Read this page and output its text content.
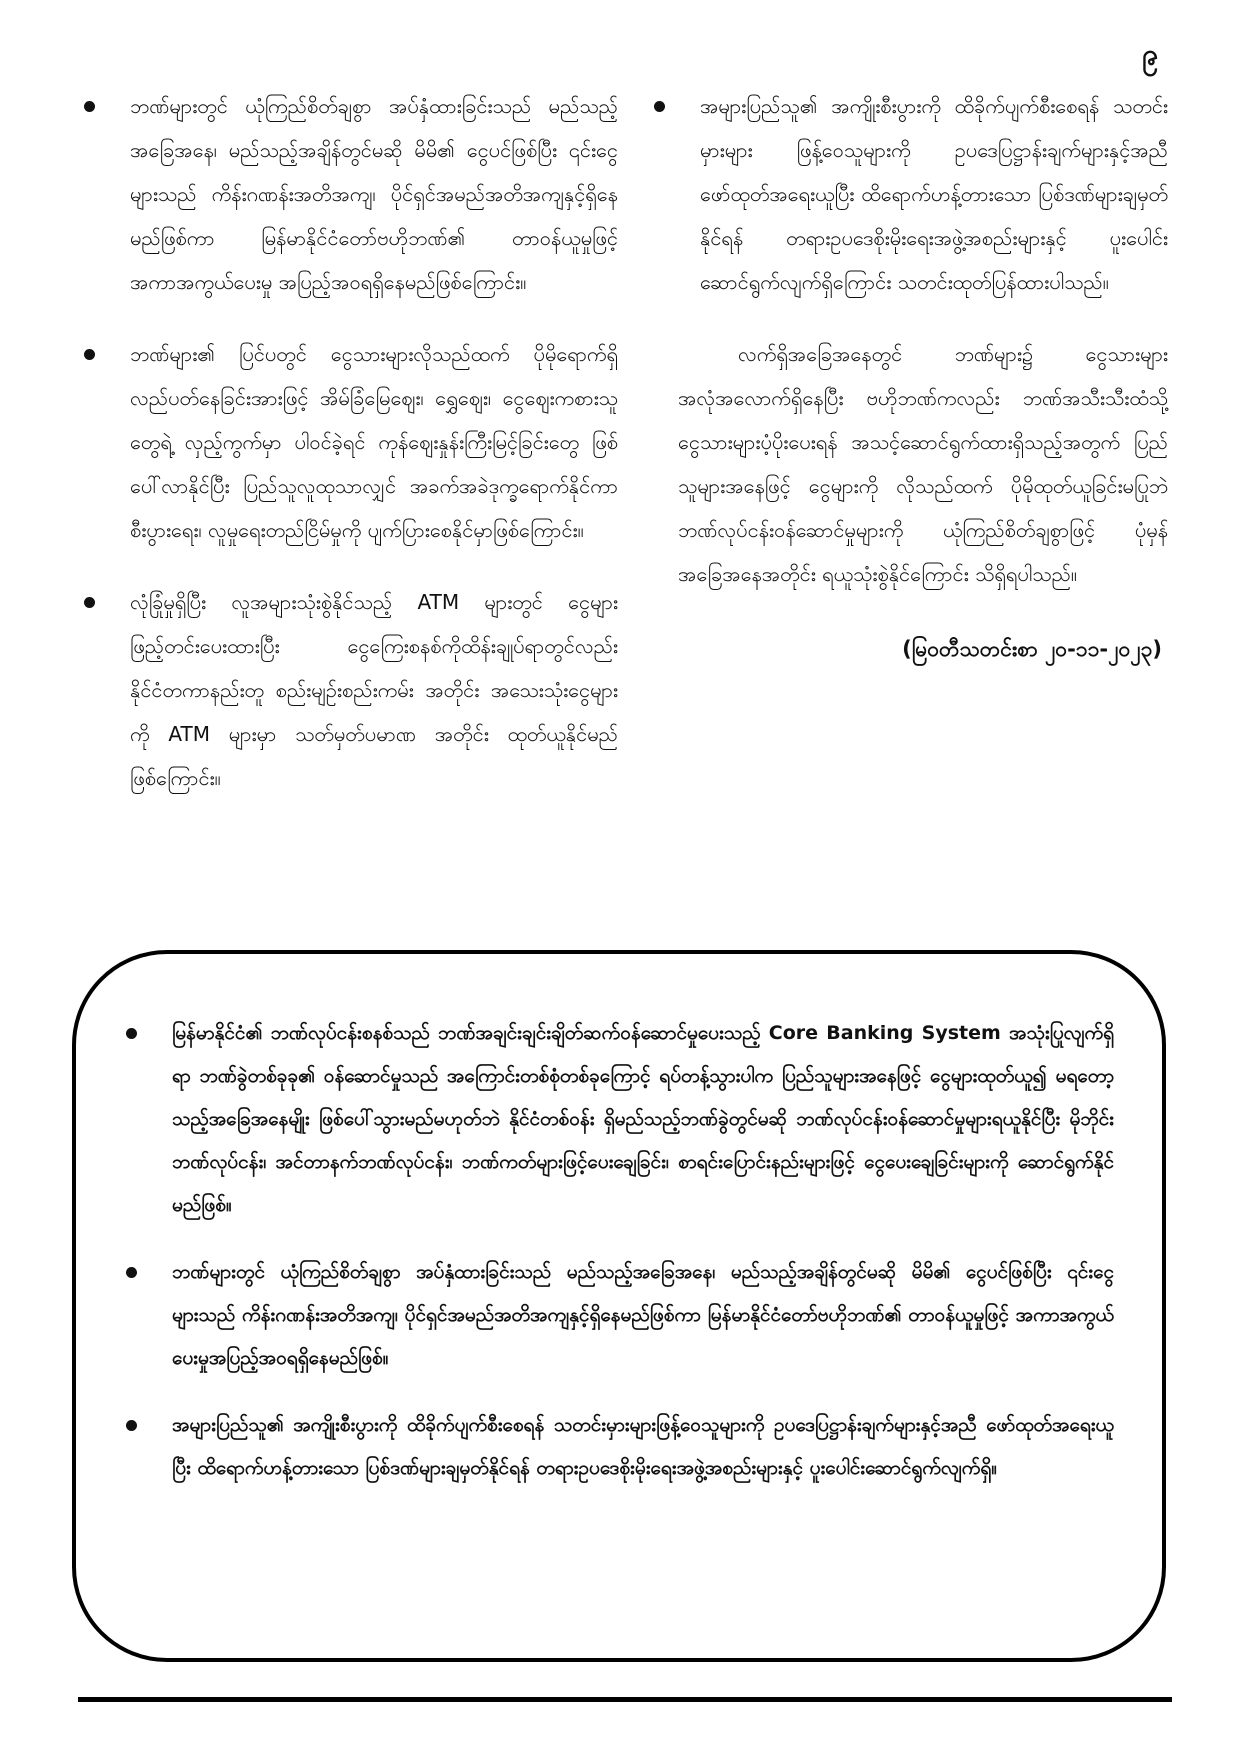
၉
ဘဏ်များတွင် ယုံကြည်စိတ်ချစွာ အပ်နှံထားခြင်းသည် မည်သည့်အခြေအနေ၊ မည်သည့်အချိန်တွင်မဆို မိမိ၏ ငွေပင်ဖြစ်ပြီး ၎င်းငွေများသည် ကိန်းဂဏန်းအတိအကျ၊ ပိုင်ရှင်အမည်အတိအကျနှင့်ရှိနေမည်ဖြစ်ကာ မြန်မာနိုင်ငံတော်ဗဟိုဘဏ်၏ တာဝန်ယူမှုဖြင့် အကာအကွယ်ပေးမှု အပြည့်အဝရရှိနေမည်ဖြစ်ကြောင်း။
ဘဏ်များ၏ ပြင်ပတွင် ငွေသားများလိုသည်ထက် ပိုမိုရောက်ရှိ လည်ပတ်နေခြင်းအားဖြင့် အိမ်ခြံမြေဈေး၊ ရွှေဈေး၊ ငွေဈေးကစားသူတွေရဲ့ လှည့်ကွက်မှာ ပါဝင်ခဲ့ရင် ကုန်ဈေးနှုန်းကြီးမြင့်ခြင်းတွေ ဖြစ်ပေါ်လာနိုင်ပြီး ပြည်သူလူထုသာလျှင် အခက်အခဲဒုက္ခရောက်နိုင်ကာ စီးပွားရေး၊ လူမှုရေးတည်ငြိမ်မှုကို ပျက်ပြားစေနိုင်မှာဖြစ်ကြောင်း။
လုံခြုံမှုရှိပြီး လူအများသုံးစွဲနိုင်သည့် ATM များတွင် ငွေများ ဖြည့်တင်းပေးထားပြီး ငွေကြေးစနစ်ကိုထိန်းချုပ်ရာတွင်လည်း နိုင်ငံတကာနည်းတူ စည်းမျဉ်းစည်းကမ်း အတိုင်း အသေးသုံးငွေများကို ATM များမှာ သတ်မှတ်ပမာဏ အတိုင်း ထုတ်ယူနိုင်မည်ဖြစ်ကြောင်း။
အများပြည်သူ၏ အကျိုးစီးပွားကို ထိခိုက်ပျက်စီးစေရန် သတင်းမှားများ ဖြန့်ဝေသူများကို ဥပဒေပြဋ္ဌာန်းချက်များနှင့်အညီ ဖော်ထုတ်အရေးယူပြီး ထိရောက်ဟန့်တားသော ပြစ်ဒဏ်များချမှတ်နိုင်ရန် တရားဥပဒေစိုးမိုးရေးအဖွဲ့အစည်းများနှင့် ပူးပေါင်းဆောင်ရွက်လျက်ရှိကြောင်း သတင်းထုတ်ပြန်ထားပါသည်။
လက်ရှိအခြေအနေတွင် ဘဏ်များ၌ ငွေသားများအလုံအလောက်ရှိနေပြီး ဗဟိုဘဏ်ကလည်း ဘဏ်အသီးသီးထံသို့ ငွေသားများပံ့ပိုးပေးရန် အသင့်ဆောင်ရွက်ထားရှိသည့်အတွက် ပြည်သူများအနေဖြင့် ငွေများကို လိုသည်ထက် ပိုမိုထုတ်ယူခြင်းမပြုဘဲ ဘဏ်လုပ်ငန်းဝန်ဆောင်မှုများကို ယုံကြည်စိတ်ချစွာဖြင့် ပုံမှန်အခြေအနေအတိုင်း ရယူသုံးစွဲနိုင်ကြောင်း သိရှိရပါသည်။
(မြဝတီသတင်းစာ ၂၀-၁၁-၂၀၂၃)
မြန်မာနိုင်ငံ၏ ဘဏ်လုပ်ငန်းစနစ်သည် ဘဏ်အချင်းချင်းချိတ်ဆက်ဝန်ဆောင်မှုပေးသည့် Core Banking System အသုံးပြုလျက်ရှိရာ ဘဏ်ခွဲတစ်ခုခု၏ ဝန်ဆောင်မှုသည် အကြောင်းတစ်စုံတစ်ခုကြောင့် ရပ်တန့်သွားပါက ပြည်သူများအနေဖြင့် ငွေများထုတ်ယူ၍ မရတော့သည့်အခြေအနေမျိုး ဖြစ်ပေါ်သွားမည်မဟုတ်ဘဲ နိုင်ငံတစ်ဝန်း ရှိမည်သည့်ဘဏ်ခွဲတွင်မဆို ဘဏ်လုပ်ငန်းဝန်ဆောင်မှုများရယူနိုင်ပြီး မိုဘိုင်းဘဏ်လုပ်ငန်း၊ အင်တာနက်ဘဏ်လုပ်ငန်း၊ ဘဏ်ကတ်များဖြင့်ပေးချေခြင်း၊ စာရင်းပြောင်းနည်းများဖြင့် ငွေပေးချေခြင်းများကို ဆောင်ရွက်နိုင်မည်ဖြစ်။
ဘဏ်များတွင် ယုံကြည်စိတ်ချစွာ အပ်နှံထားခြင်းသည် မည်သည့်အခြေအနေ၊ မည်သည့်အချိန်တွင်မဆို မိမိ၏ ငွေပင်ဖြစ်ပြီး ၎င်းငွေများသည် ကိန်းဂဏန်းအတိအကျ၊ ပိုင်ရှင်အမည်အတိအကျနှင့်ရှိနေမည်ဖြစ်ကာ မြန်မာနိုင်ငံတော်ဗဟိုဘဏ်၏ တာဝန်ယူမှုဖြင့် အကာအကွယ်ပေးမှုအပြည့်အဝရရှိနေမည်ဖြစ်။
အများပြည်သူ၏ အကျိုးစီးပွားကို ထိခိုက်ပျက်စီးစေရန် သတင်းမှားများဖြန့်ဝေသူများကို ဥပဒေပြဋ္ဌာန်းချက်များနှင့်အညီ ဖော်ထုတ်အရေးယူပြီး ထိရောက်ဟန့်တားသော ပြစ်ဒဏ်များချမှတ်နိုင်ရန် တရားဥပဒေစိုးမိုးရေးအဖွဲ့အစည်းများနှင့် ပူးပေါင်းဆောင်ရွက်လျက်ရှိ။
